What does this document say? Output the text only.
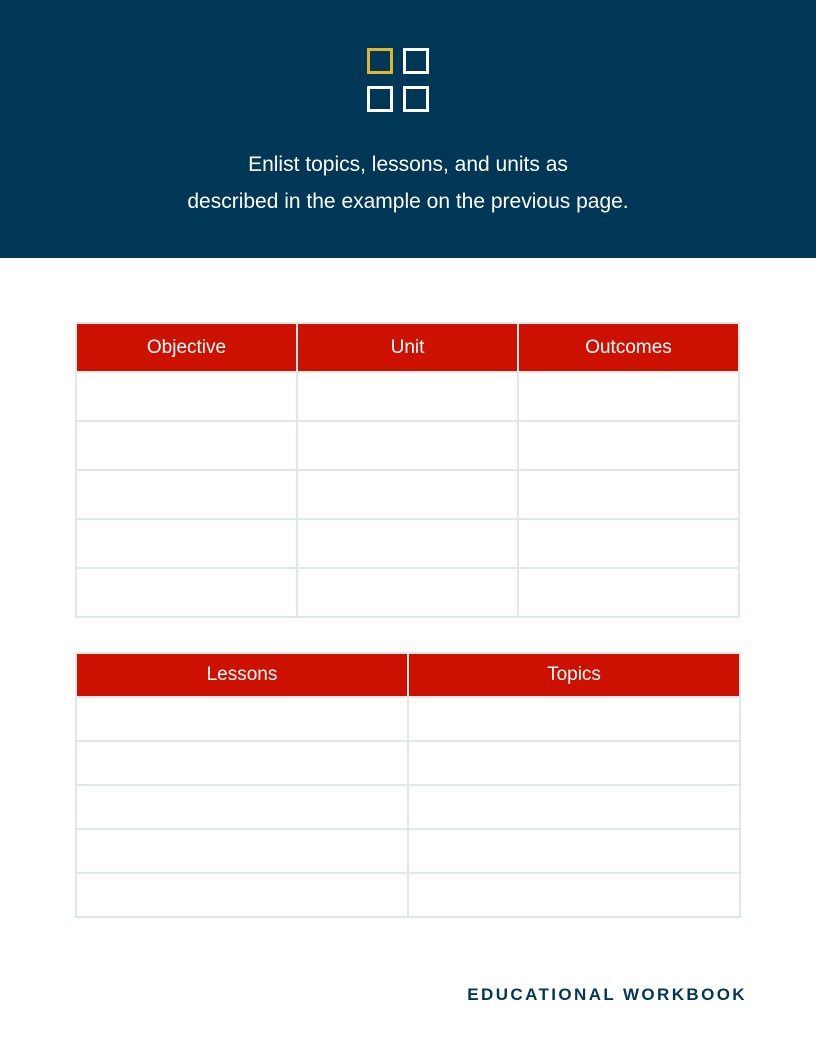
Enlist topics, lessons, and units as
described in the example on the previous page.
Objective	Unit	Outcomes

Lessons	Topics

EDUCATIONAL WORKBOOK
